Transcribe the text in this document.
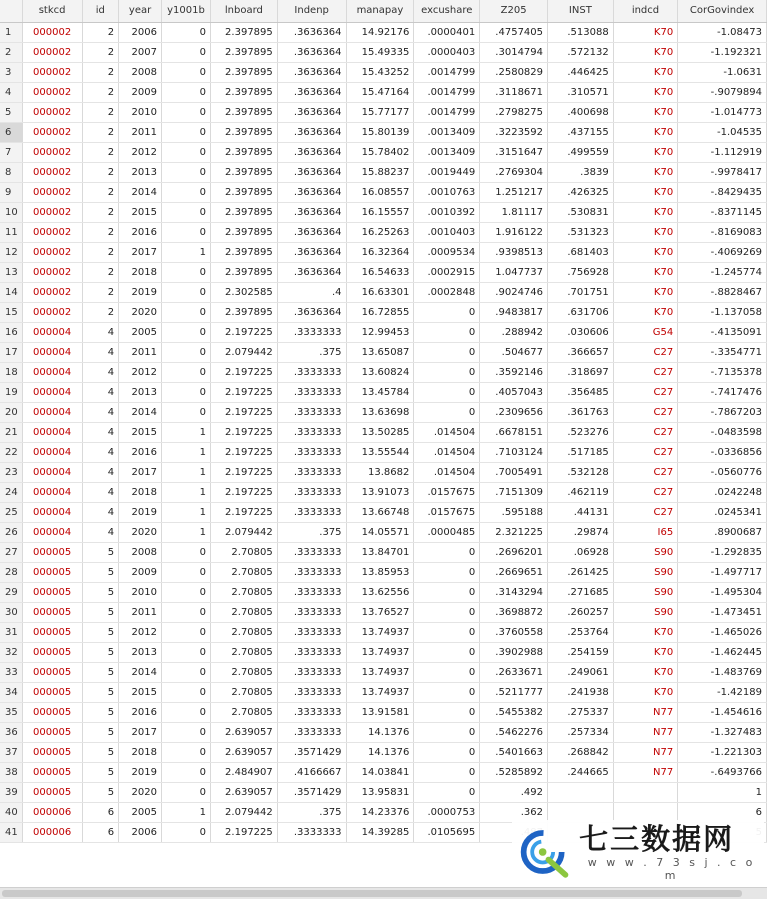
	stkcd	id	year	y1001b	lnboard	Indenp	manapay	excushare	Z205	INST	indcd	CorGovindex
1	000002	2	2006	0	2.397895	.3636364	14.92176	.0000401	.4757405	.513088	K70	-1.08473
2	000002	2	2007	0	2.397895	.3636364	15.49335	.0000403	.3014794	.572132	K70	-1.192321
3	000002	2	2008	0	2.397895	.3636364	15.43252	.0014799	.2580829	.446425	K70	-1.0631
4	000002	2	2009	0	2.397895	.3636364	15.47164	.0014799	.3118671	.310571	K70	-.9079894
5	000002	2	2010	0	2.397895	.3636364	15.77177	.0014799	.2798275	.400698	K70	-1.014773
6	000002	2	2011	0	2.397895	.3636364	15.80139	.0013409	.3223592	.437155	K70	-1.04535
7	000002	2	2012	0	2.397895	.3636364	15.78402	.0013409	.3151647	.499559	K70	-1.112919
8	000002	2	2013	0	2.397895	.3636364	15.88237	.0019449	.2769304	.3839	K70	-.9978417
9	000002	2	2014	0	2.397895	.3636364	16.08557	.0010763	1.251217	.426325	K70	-.8429435
10	000002	2	2015	0	2.397895	.3636364	16.15557	.0010392	1.81117	.530831	K70	-.8371145
11	000002	2	2016	0	2.397895	.3636364	16.25263	.0010403	1.916122	.531323	K70	-.8169083
12	000002	2	2017	1	2.397895	.3636364	16.32364	.0009534	.9398513	.681403	K70	-.4069269
13	000002	2	2018	0	2.397895	.3636364	16.54633	.0002915	1.047737	.756928	K70	-1.245774
14	000002	2	2019	0	2.302585	.4	16.63301	.0002848	.9024746	.701751	K70	-.8828467
15	000002	2	2020	0	2.397895	.3636364	16.72855	0	.9483817	.631706	K70	-1.137058
16	000004	4	2005	0	2.197225	.3333333	12.99453	0	.288942	.030606	G54	-.4135091
17	000004	4	2011	0	2.079442	.375	13.65087	0	.504677	.366657	C27	-.3354771
18	000004	4	2012	0	2.197225	.3333333	13.60824	0	.3592146	.318697	C27	-.7135378
19	000004	4	2013	0	2.197225	.3333333	13.45784	0	.4057043	.356485	C27	-.7417476
20	000004	4	2014	0	2.197225	.3333333	13.63698	0	.2309656	.361763	C27	-.7867203
21	000004	4	2015	1	2.197225	.3333333	13.50285	.014504	.6678151	.523276	C27	-.0483598
22	000004	4	2016	1	2.197225	.3333333	13.55544	.014504	.7103124	.517185	C27	-.0336856
23	000004	4	2017	1	2.197225	.3333333	13.8682	.014504	.7005491	.532128	C27	-.0560776
24	000004	4	2018	1	2.197225	.3333333	13.91073	.0157675	.7151309	.462119	C27	.0242248
25	000004	4	2019	1	2.197225	.3333333	13.66748	.0157675	.595188	.44131	C27	.0245341
26	000004	4	2020	1	2.079442	.375	14.05571	.0000485	2.321225	.29874	I65	.8900687
27	000005	5	2008	0	2.70805	.3333333	13.84701	0	.2696201	.06928	S90	-1.292835
28	000005	5	2009	0	2.70805	.3333333	13.85953	0	.2669651	.261425	S90	-1.497717
29	000005	5	2010	0	2.70805	.3333333	13.62556	0	.3143294	.271685	S90	-1.495304
30	000005	5	2011	0	2.70805	.3333333	13.76527	0	.3698872	.260257	S90	-1.473451
31	000005	5	2012	0	2.70805	.3333333	13.74937	0	.3760558	.253764	K70	-1.465026
32	000005	5	2013	0	2.70805	.3333333	13.74937	0	.3902988	.254159	K70	-1.462445
33	000005	5	2014	0	2.70805	.3333333	13.74937	0	.2633671	.249061	K70	-1.483769
34	000005	5	2015	0	2.70805	.3333333	13.74937	0	.5211777	.241938	K70	-1.42189
35	000005	5	2016	0	2.70805	.3333333	13.91581	0	.5455382	.275337	N77	-1.454616
36	000005	5	2017	0	2.639057	.3333333	14.1376	0	.5462276	.257334	N77	-1.327483
37	000005	5	2018	0	2.639057	.3571429	14.1376	0	.5401663	.268842	N77	-1.221303
38	000005	5	2019	0	2.484907	.4166667	14.03841	0	.5285892	.244665	N77	-.6493766
39	000005	5	2020	0	2.639057	.3571429	13.95831	0	.492			1
40	000006	6	2005	1	2.079442	.375	14.23376	.0000753	.362			6
41	000006	6	2006	0	2.197225	.3333333	14.39285	.0105695					七三数据网
w w w . 7 3 s j . c o m
